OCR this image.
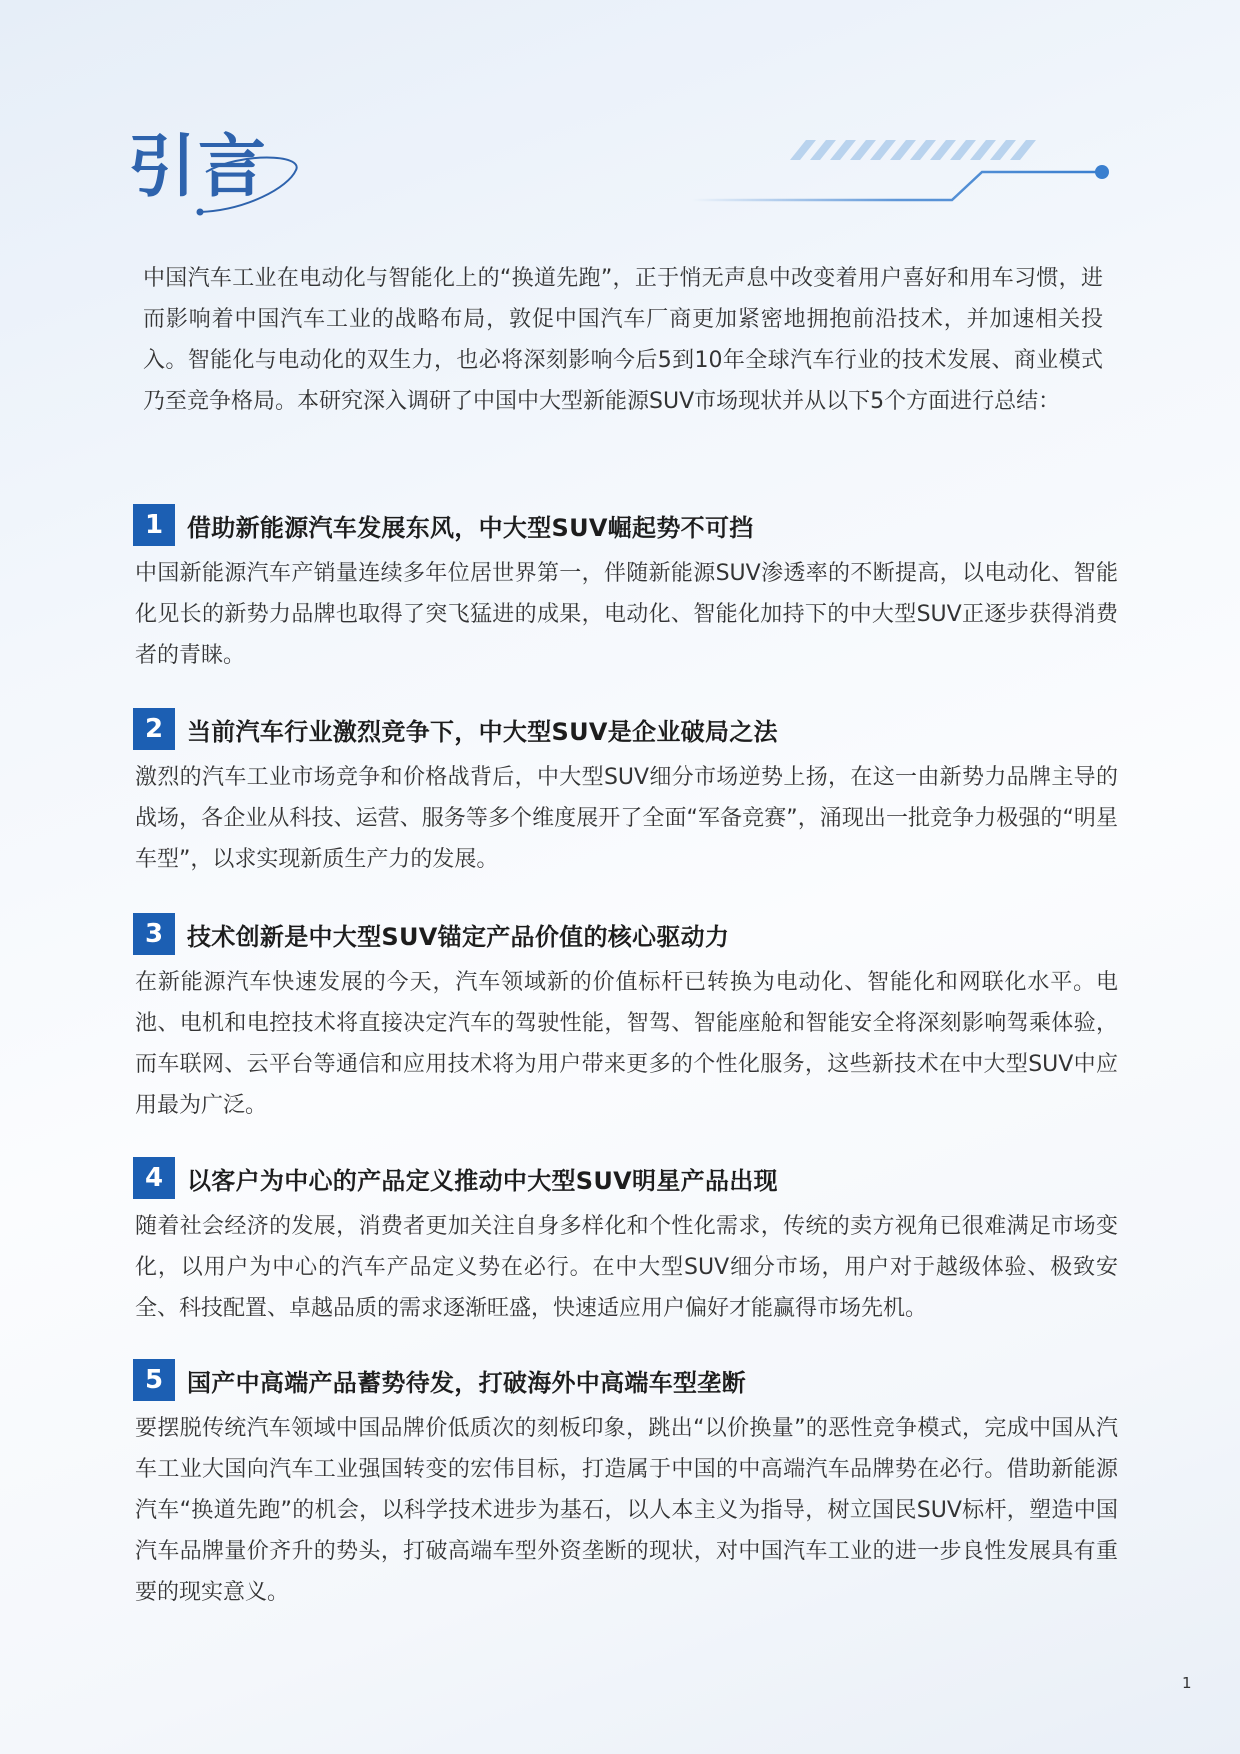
引言

中国汽车工业在电动化与智能化上的“换道先跑”，正于悄无声息中改变着用户喜好和用车习惯，进而影响着中国汽车工业的战略布局，敦促中国汽车厂商更加紧密地拥抱前沿技术，并加速相关投入。智能化与电动化的双生力，也必将深刻影响今后5到10年全球汽车行业的技术发展、商业模式乃至竞争格局。本研究深入调研了中国中大型新能源SUV市场现状并从以下5个方面进行总结：

1 借助新能源汽车发展东风，中大型SUV崛起势不可挡
中国新能源汽车产销量连续多年位居世界第一，伴随新能源SUV渗透率的不断提高，以电动化、智能化见长的新势力品牌也取得了突飞猛进的成果，电动化、智能化加持下的中大型SUV正逐步获得消费者的青睐。
2 当前汽车行业激烈竞争下，中大型SUV是企业破局之法
激烈的汽车工业市场竞争和价格战背后，中大型SUV细分市场逆势上扬，在这一由新势力品牌主导的战场，各企业从科技、运营、服务等多个维度展开了全面“军备竞赛”，涌现出一批竞争力极强的“明星车型”，以求实现新质生产力的发展。
3 技术创新是中大型SUV锚定产品价值的核心驱动力
在新能源汽车快速发展的今天，汽车领域新的价值标杆已转换为电动化、智能化和网联化水平。电池、电机和电控技术将直接决定汽车的驾驶性能，智驾、智能座舱和智能安全将深刻影响驾乘体验，而车联网、云平台等通信和应用技术将为用户带来更多的个性化服务，这些新技术在中大型SUV中应用最为广泛。
4 以客户为中心的产品定义推动中大型SUV明星产品出现
随着社会经济的发展，消费者更加关注自身多样化和个性化需求，传统的卖方视角已很难满足市场变化，以用户为中心的汽车产品定义势在必行。在中大型SUV细分市场，用户对于越级体验、极致安全、科技配置、卓越品质的需求逐渐旺盛，快速适应用户偏好才能赢得市场先机。
5 国产中高端产品蓄势待发，打破海外中高端车型垄断
要摆脱传统汽车领域中国品牌价低质次的刻板印象，跳出“以价换量”的恶性竞争模式，完成中国从汽车工业大国向汽车工业强国转变的宏伟目标，打造属于中国的中高端汽车品牌势在必行。借助新能源汽车“换道先跑”的机会，以科学技术进步为基石，以人本主义为指导，树立国民SUV标杆，塑造中国汽车品牌量价齐升的势头，打破高端车型外资垄断的现状，对中国汽车工业的进一步良性发展具有重要的现实意义。
1
